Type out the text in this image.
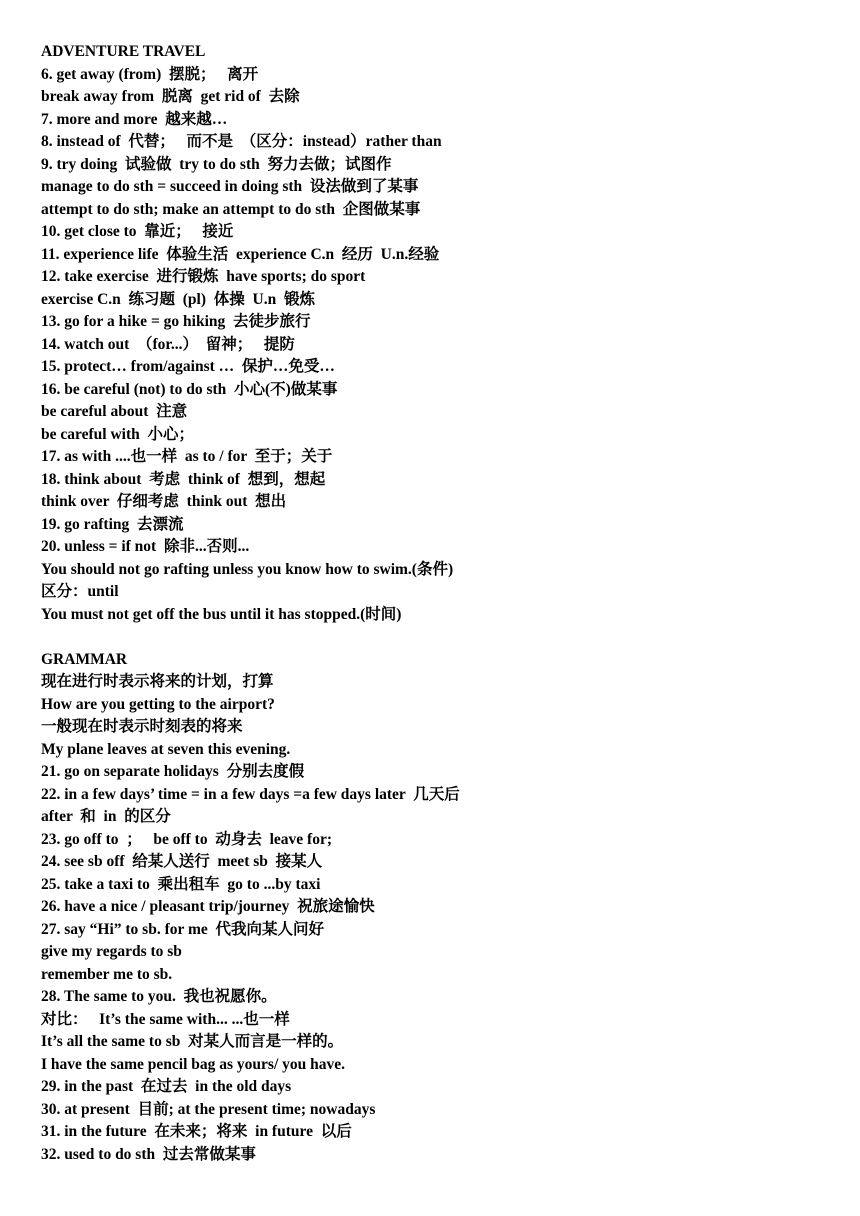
ADVENTURE TRAVEL
6. get away (from)  摆脱；   离开
break away from  脱离  get rid of  去除
7. more and more  越来越…
8. instead of  代替；   而不是  （区分：instead）rather than
9. try doing  试验做  try to do sth  努力去做；试图作
manage to do sth = succeed in doing sth  设法做到了某事
attempt to do sth; make an attempt to do sth  企图做某事
10. get close to  靠近；   接近
11. experience life  体验生活  experience C.n  经历  U.n.经验
12. take exercise  进行锻炼  have sports; do sport
exercise C.n  练习题  (pl)  体操  U.n  锻炼
13. go for a hike = go hiking  去徒步旅行
14. watch out  （for...）  留神；   提防
15. protect… from/against …  保护…免受…
16. be careful (not) to do sth  小心(不)做某事
be careful about  注意
be careful with  小心；
17. as with ....也一样  as to / for  至于；关于
18. think about  考虑  think of  想到，想起
think over  仔细考虑  think out  想出
19. go rafting  去漂流
20. unless = if not  除非...否则...
You should not go rafting unless you know how to swim.(条件)
区分：until
You must not get off the bus until it has stopped.(时间)
GRAMMAR
现在进行时表示将来的计划，打算
How are you getting to the airport?
一般现在时表示时刻表的将来
My plane leaves at seven this evening.
21. go on separate holidays  分别去度假
22. in a few days’ time = in a few days =a few days later  几天后
after  和  in  的区分
23. go off to  ；   be off to  动身去  leave for;
24. see sb off  给某人送行  meet sb  接某人
25. take a taxi to  乘出租车  go to ...by taxi
26. have a nice / pleasant trip/journey  祝旅途愉快
27. say “Hi” to sb. for me  代我向某人问好
give my regards to sb
remember me to sb.
28. The same to you.  我也祝愿你。
对比：   It’s the same with... ...也一样
It’s all the same to sb  对某人而言是一样的。
I have the same pencil bag as yours/ you have.
29. in the past  在过去  in the old days
30. at present  目前; at the present time; nowadays
31. in the future  在未来；将来  in future  以后
32. used to do sth  过去常做某事
